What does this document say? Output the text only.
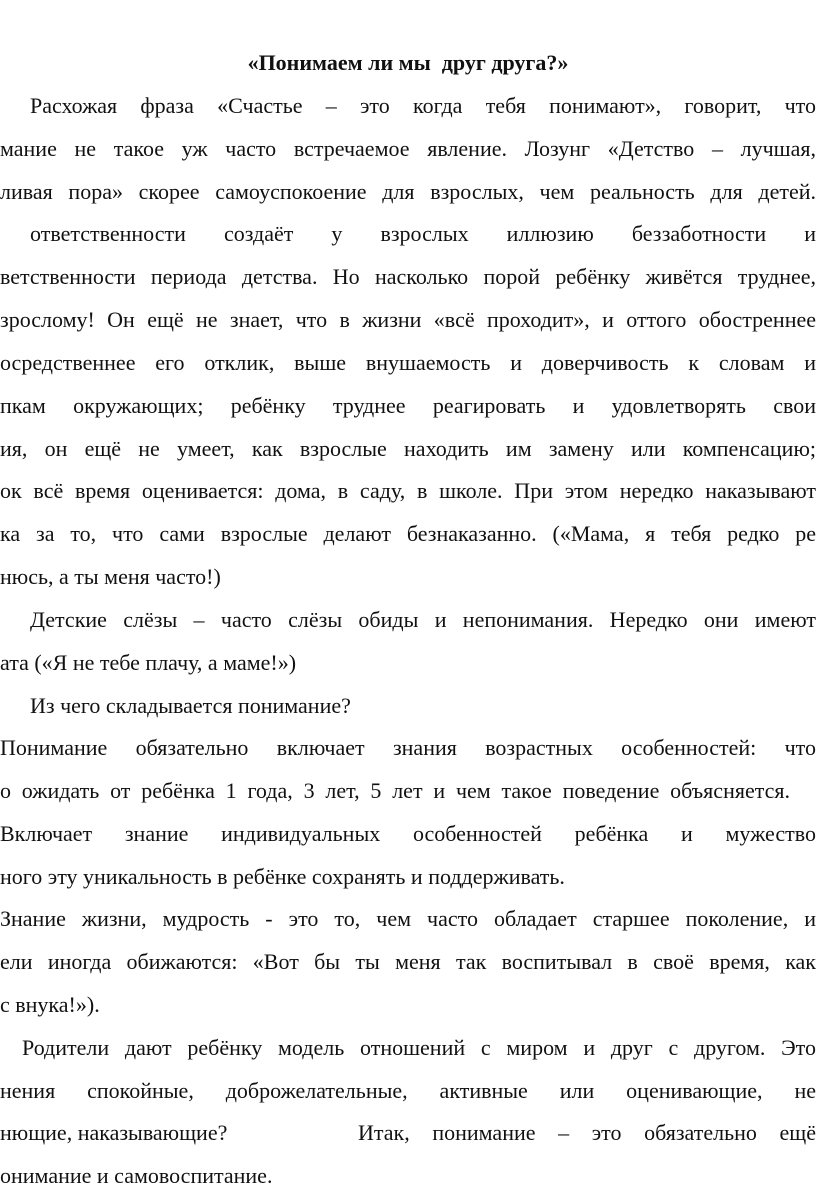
«Понимаем ли мы  друг друга?»
Расхожая фраза «Счастье – это когда тебя понимают», говорит, что
мание не такое уж часто встречаемое явление. Лозунг «Детство – лучшая,
ливая пора» скорее самоуспокоение для взрослых, чем реальность для детей.
ответственности создаёт у взрослых иллюзию беззаботности и
ветственности периода детства. Но насколько порой ребёнку живётся труднее,
зрослому! Он ещё не знает, что в жизни «всё проходит», и оттого обостреннее
осредственнее его отклик, выше внушаемость и доверчивость к словам и
пкам окружающих; ребёнку труднее реагировать и удовлетворять свои
ия, он ещё не умеет, как взрослые находить им замену или компенсацию;
ок всё время оценивается: дома, в саду, в школе. При этом нередко наказывают
ка за то, что сами взрослые делают безнаказанно. («Мама, я тебя редко ре
нюсь, а ты меня часто!)
Детские слёзы – часто слёзы обиды и непонимания. Нередко они имеют
ата («Я не тебе плачу, а маме!»)
Из чего складывается понимание?
Понимание обязательно включает знания возрастных особенностей: что
о ожидать от ребёнка 1 года, 3 лет, 5 лет и чем такое поведение объясняется.
Включает знание индивидуальных особенностей ребёнка и мужество
ного эту уникальность в ребёнке сохранять и поддерживать.
Знание жизни, мудрость - это то, чем часто обладает старшее поколение, и
ели иногда обижаются: «Вот бы ты меня так воспитывал в своё время, как
с внука!»).
Родители дают ребёнку модель отношений с миром и друг с другом. Это
нения спокойные, доброжелательные, активные или оценивающие, не
нющие, наказывающие?	Итак, понимание – это обязательно ещё
онимание и самовоспитание.
